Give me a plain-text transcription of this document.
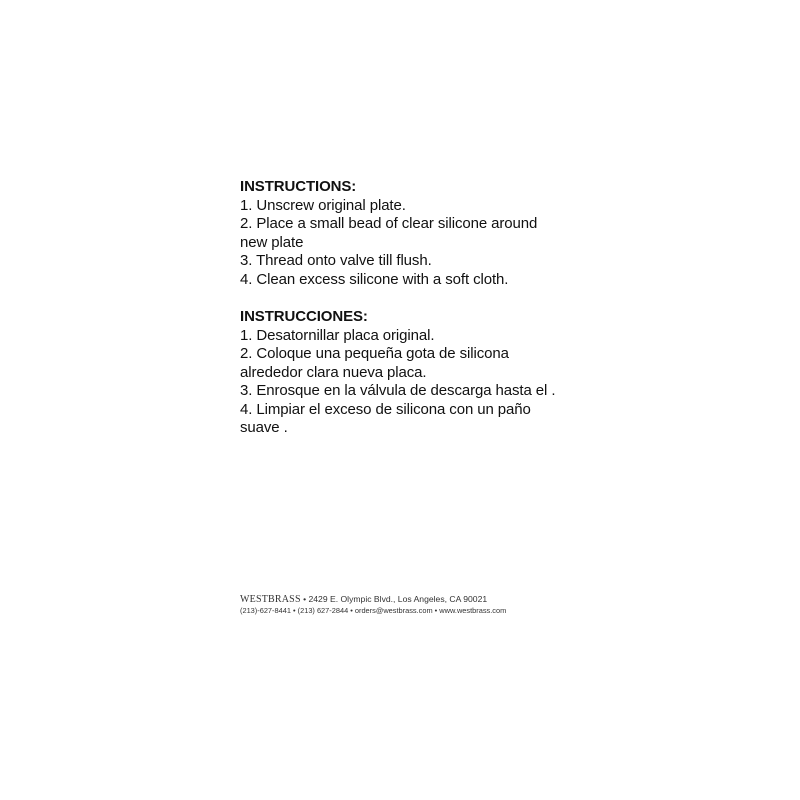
INSTRUCTIONS:
1. Unscrew original plate.
2. Place a small bead of clear silicone around
new plate
3. Thread onto valve till flush.
4. Clean excess silicone with a soft cloth.
INSTRUCCIONES:
1. Desatornillar placa original.
2. Coloque una pequeña gota de silicona
alrededor clara nueva placa.
3. Enrosque en la válvula de descarga hasta el .
4. Limpiar el exceso de silicona con un paño
suave .
WESTBRASS • 2429 E. Olympic Blvd., Los Angeles, CA 90021
(213)-627-8441 • (213) 627-2844 • orders@westbrass.com • www.westbrass.com
